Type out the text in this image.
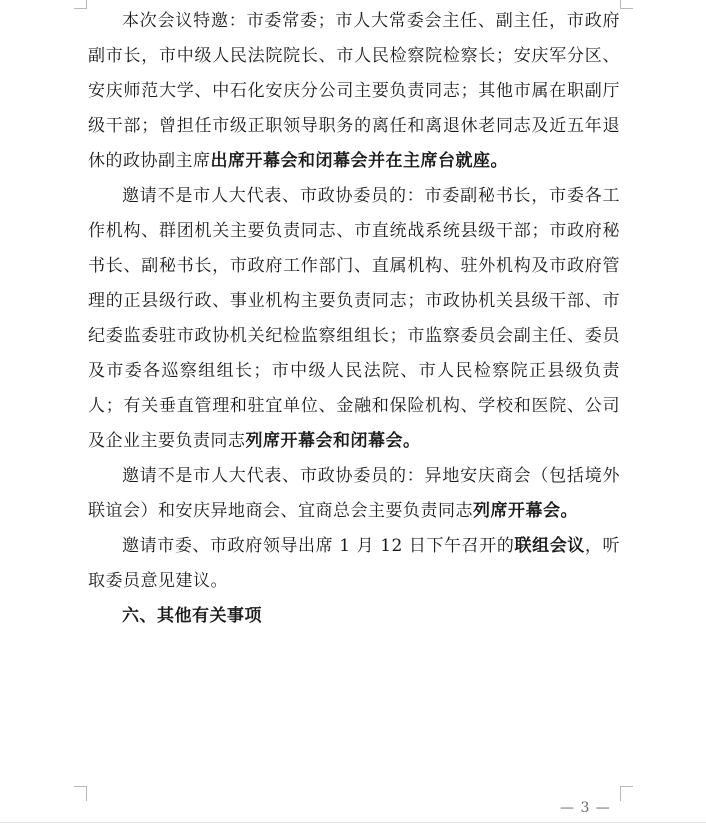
本次会议特邀：市委常委；市人大常委会主任、副主任，市政府副市长，市中级人民法院院长、市人民检察院检察长；安庆军分区、安庆师范大学、中石化安庆分公司主要负责同志；其他市属在职副厅级干部；曾担任市级正职领导职务的离任和离退休老同志及近五年退休的政协副主席出席开幕会和闭幕会并在主席台就座。

邀请不是市人大代表、市政协委员的：市委副秘书长，市委各工作机构、群团机关主要负责同志、市直统战系统县级干部；市政府秘书长、副秘书长，市政府工作部门、直属机构、驻外机构及市政府管理的正县级行政、事业机构主要负责同志；市政协机关县级干部、市纪委监委驻市政协机关纪检监察组组长；市监察委员会副主任、委员及市委各巡察组组长；市中级人民法院、市人民检察院正县级负责人；有关垂直管理和驻宜单位、金融和保险机构、学校和医院、公司及企业主要负责同志列席开幕会和闭幕会。

邀请不是市人大代表、市政协委员的：异地安庆商会（包括境外联谊会）和安庆异地商会、宜商总会主要负责同志列席开幕会。

邀请市委、市政府领导出席 1 月 12 日下午召开的联组会议，听取委员意见建议。

六、其他有关事项

— 3 —
